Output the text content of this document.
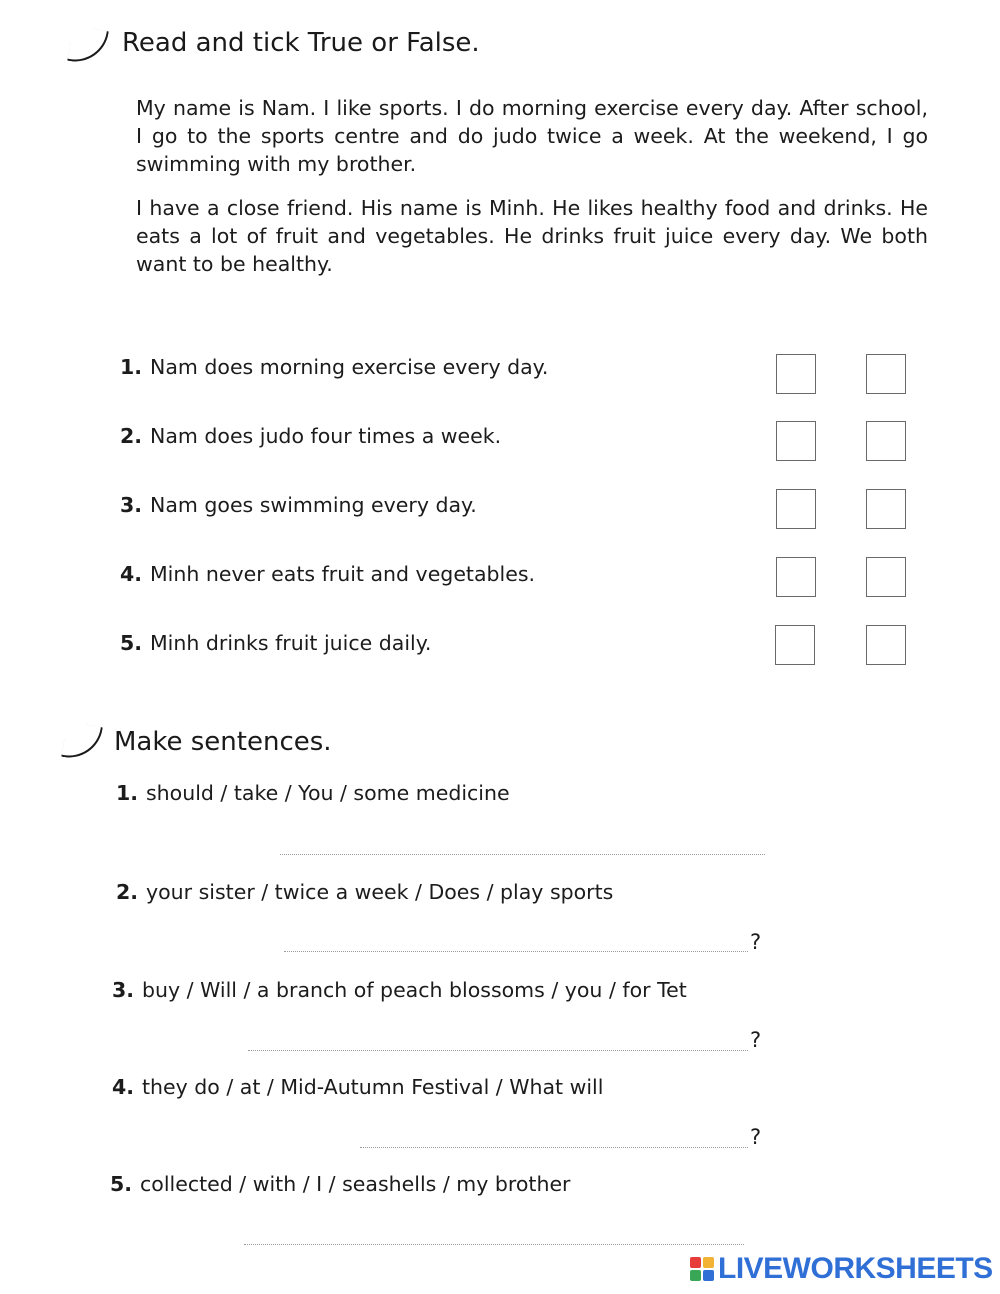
Read and tick True or False.
My name is Nam. I like sports. I do morning exercise every day. After school, I go to the sports centre and do judo twice a week. At the weekend, I go swimming with my brother.
I have a close friend. His name is Minh. He likes healthy food and drinks. He eats a lot of fruit and vegetables. He drinks fruit juice every day. We both want to be healthy.
1. Nam does morning exercise every day.
2. Nam does judo four times a week.
3. Nam goes swimming every day.
4. Minh never eats fruit and vegetables.
5. Minh drinks fruit juice daily.
Make sentences.
1. should / take / You / some medicine
2. your sister / twice a week / Does / play sports
?
3. buy / Will / a branch of peach blossoms / you / for Tet
?
4. they do / at / Mid-Autumn Festival / What will
?
5. collected / with / I / seashells / my brother
LIVEWORKSHEETS
